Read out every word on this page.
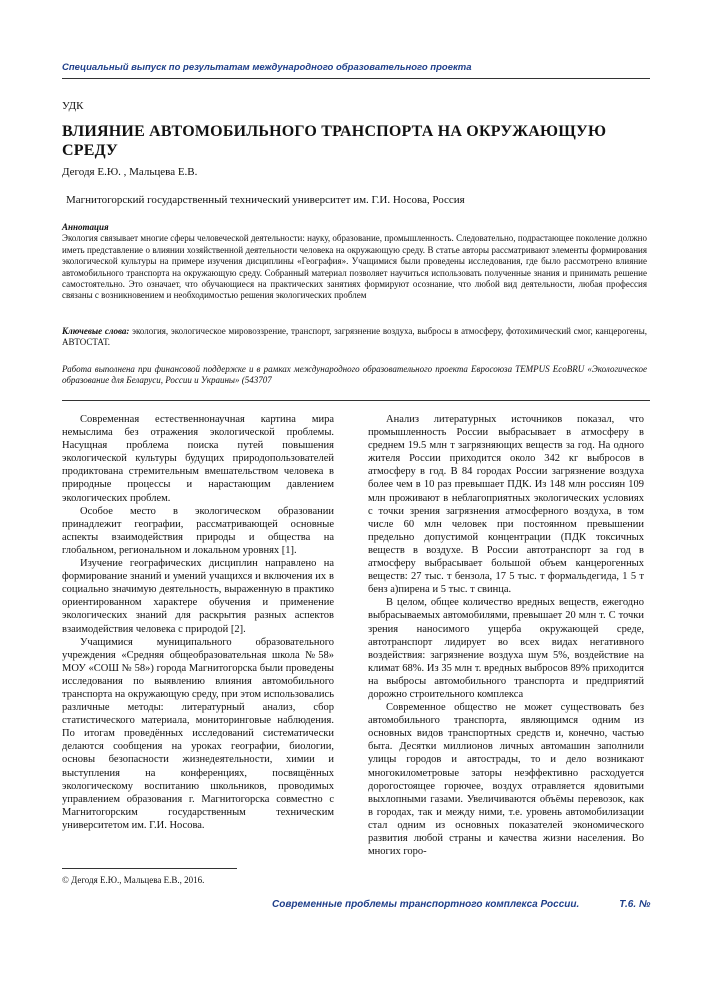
Специальный выпуск по результатам международного образовательного проекта
УДК
ВЛИЯНИЕ АВТОМОБИЛЬНОГО ТРАНСПОРТА НА ОКРУЖАЮЩУЮ СРЕДУ
Дегодя Е.Ю. , Мальцева Е.В.
Магнитогорский государственный технический университет им. Г.И. Носова, Россия
Аннотация

Экология связывает многие сферы человеческой деятельности: науку, образование, промышленность. Следовательно, подрастающее поколение должно иметь представление о влиянии хозяйственной деятельности человека на окружающую среду. В статье авторы рассматривают элементы формирования экологической культуры на примере изучения дисциплины «География». Учащимися были проведены исследования, где было рассмотрено влияние автомобильного транспорта на окружающую среду. Собранный материал позволяет научиться использовать полученные знания и принимать решение самостоятельно. Это означает, что обучающиеся на практических занятиях формируют осознание, что любой вид деятельности, любая профессия связаны с возникновением и необходимостью решения экологических проблем

Ключевые слова: экология, экологическое мировоззрение, транспорт, загрязнение воздуха, выбросы в атмосферу, фотохимический смог, канцерогены, АВТОСТАТ.
Работа выполнена при финансовой поддержке и в рамках международного образовательного проекта Евросоюза TEMPUS EcoBRU «Экологическое образование для Беларуси, России и Украины» (543707

Современная естественнонаучная картина мира немыслима без отражения экологической проблемы. Насущная проблема поиска путей повышения экологической культуры будущих природопользователей продиктована стремительным вмешательством человека в природные процессы и нарастающим давлением экологических проблем.

Особое место в экологическом образовании принадлежит географии, рассматривающей основные аспекты взаимодействия природы и общества на глобальном, региональном и локальном уровнях [1].

Изучение географических дисциплин направлено на формирование знаний и умений учащихся и включения их в социально значимую деятельность, выраженную в практико ориентированном характере обучения и применение экологических знаний для раскрытия разных аспектов взаимодействия человека с природой [2].

Учащимися муниципального образовательного учреждения «Средняя общеобразовательная школа №58» МОУ «СОШ № 58») города Магнитогорска были проведены исследования по выявлению влияния автомобильного транспорта на окружающую среду, при этом использовались различные методы: литературный анализ, сбор статистического материала, мониторинговые наблюдения. По итогам проведённых исследований систематически делаются сообщения на уроках географии, биологии, основы безопасности жизнедеятельности, химии и выступления на конференциях, посвящённых экологическому воспитанию школьников, проводимых управлением образования г. Магнитогорска совместно с Магнитогорским государственным техническим университетом им. Г.И. Носова.

Анализ литературных источников показал, что промышленность России выбрасывает в атмосферу в среднем 19.5 млн т загрязняющих веществ за год. На одного жителя России приходится около 342 кг выбросов в атмосферу в год. В 84 городах России загрязнение воздуха более чем в 10 раз превышает ПДК. Из 148 млн россиян 109 млн проживают в неблагоприятных экологических условиях с точки зрения загрязнения атмосферного воздуха, в том числе 60 млн человек при постоянном превышении предельно допустимой концентрации (ПДК токсичных веществ в воздухе. В России автотранспорт за год в атмосферу выбрасывает большой объем канцерогенных веществ: 27 тыс. т бензола, 17 5 тыс. т формальдегида, 1 5 т бенз а)пирена и 5 тыс. т свинца.

В целом, общее количество вредных веществ, ежегодно выбрасываемых автомобилями, превышает 20 млн т. С точки зрения наносимого ущерба окружающей среде, автотранспорт лидирует во всех видах негативного воздействия: загрязнение воздуха шум 5%, воздействие на климат 68%. Из 35 млн т. вредных выбросов 89% приходится на выбросы автомобильного транспорта и предприятий дорожно строительного комплекса

Современное общество не может существовать без автомобильного транспорта, являющимся одним из основных видов транспортных средств и, конечно, частью быта. Десятки миллионов личных автомашин заполнили улицы городов и автострады, то и дело возникают многокилометровые заторы неэффективно расходуется дорогостоящее горючее, воздух отравляется ядовитыми выхлопными газами. Увеличиваются объёмы перевозок, как в городах, так и между ними, т.е. уровень автомобилизации стал одним из основных показателей экономического развития любой страны и качества жизни населения. Во многих горо-

© Дегодя Е.Ю., Мальцева Е.В., 2016.
Современные проблемы транспортного комплекса России.	Т.6. №
